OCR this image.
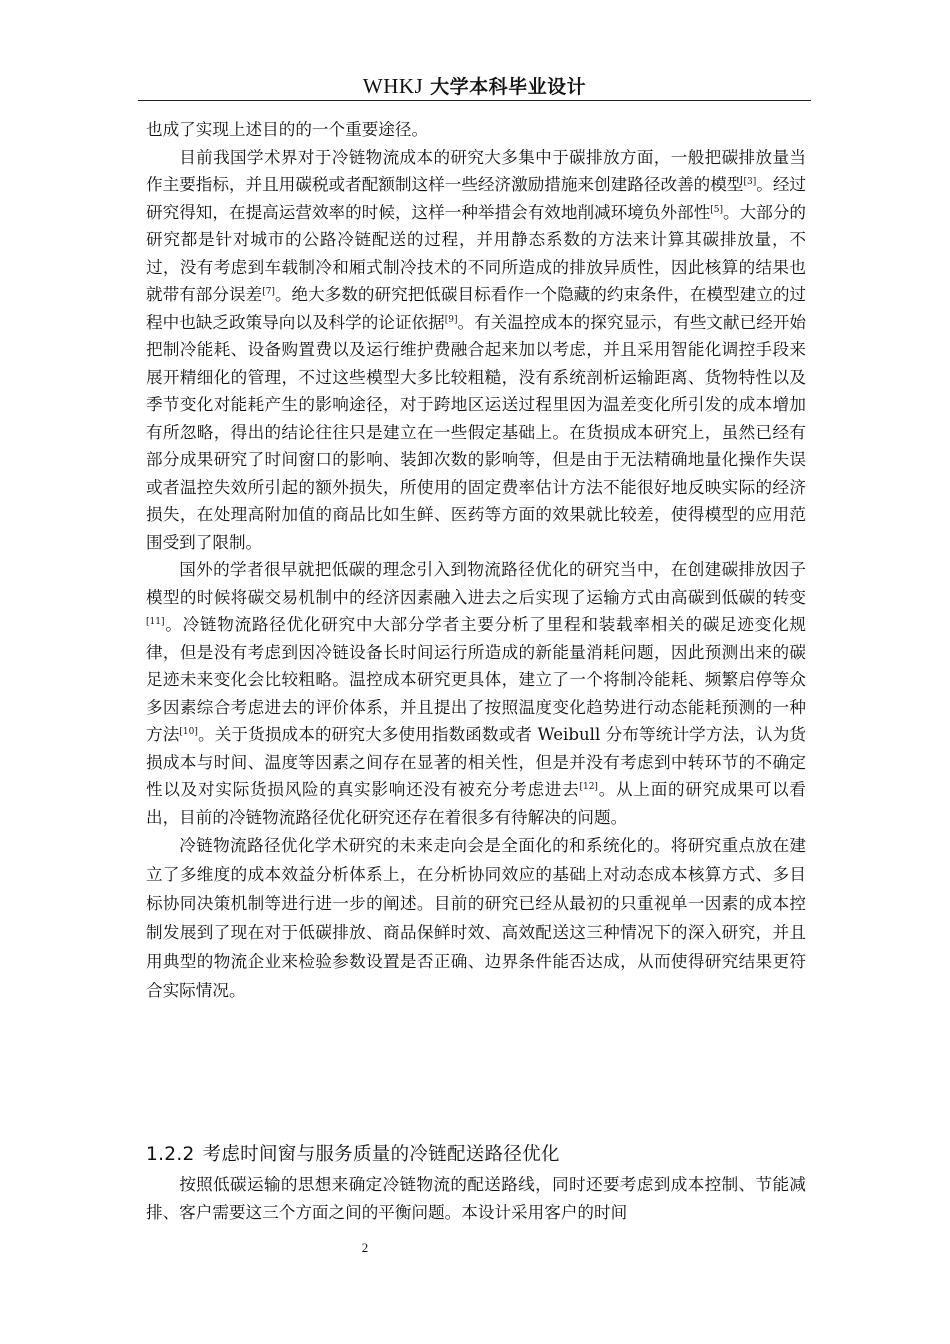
WHKJ 大学本科毕业设计

也成了实现上述目的的一个重要途径。

目前我国学术界对于冷链物流成本的研究大多集中于碳排放方面，一般把碳排放量当作主要指标，并且用碳税或者配额制这样一些经济激励措施来创建路径改善的模型[3]。经过研究得知，在提高运营效率的时候，这样一种举措会有效地削减环境负外部性[5]。大部分的研究都是针对城市的公路冷链配送的过程，并用静态系数的方法来计算其碳排放量，不过，没有考虑到车载制冷和厢式制冷技术的不同所造成的排放异质性，因此核算的结果也就带有部分误差[7]。绝大多数的研究把低碳目标看作一个隐藏的约束条件，在模型建立的过程中也缺乏政策导向以及科学的论证依据[9]。有关温控成本的探究显示，有些文献已经开始把制冷能耗、设备购置费以及运行维护费融合起来加以考虑，并且采用智能化调控手段来展开精细化的管理，不过这些模型大多比较粗糙，没有系统剖析运输距离、货物特性以及季节变化对能耗产生的影响途径，对于跨地区运送过程里因为温差变化所引发的成本增加有所忽略，得出的结论往往只是建立在一些假定基础上。在货损成本研究上，虽然已经有部分成果研究了时间窗口的影响、装卸次数的影响等，但是由于无法精确地量化操作失误或者温控失效所引起的额外损失，所使用的固定费率估计方法不能很好地反映实际的经济损失，在处理高附加值的商品比如生鲜、医药等方面的效果就比较差，使得模型的应用范围受到了限制。

国外的学者很早就把低碳的理念引入到物流路径优化的研究当中，在创建碳排放因子模型的时候将碳交易机制中的经济因素融入进去之后实现了运输方式由高碳到低碳的转变[11]。冷链物流路径优化研究中大部分学者主要分析了里程和装载率相关的碳足迹变化规律，但是没有考虑到因冷链设备长时间运行所造成的新能量消耗问题，因此预测出来的碳足迹未来变化会比较粗略。温控成本研究更具体，建立了一个将制冷能耗、频繁启停等众多因素综合考虑进去的评价体系，并且提出了按照温度变化趋势进行动态能耗预测的一种方法[10]。关于货损成本的研究大多使用指数函数或者 Weibull 分布等统计学方法，认为货损成本与时间、温度等因素之间存在显著的相关性，但是并没有考虑到中转环节的不确定性以及对实际货损风险的真实影响还没有被充分考虑进去[12]。从上面的研究成果可以看出，目前的冷链物流路径优化研究还存在着很多有待解决的问题。

冷链物流路径优化学术研究的未来走向会是全面化的和系统化的。将研究重点放在建立了多维度的成本效益分析体系上，在分析协同效应的基础上对动态成本核算方式、多目标协同决策机制等进行进一步的阐述。目前的研究已经从最初的只重视单一因素的成本控制发展到了现在对于低碳排放、商品保鲜时效、高效配送这三种情况下的深入研究，并且用典型的物流企业来检验参数设置是否正确、边界条件能否达成，从而使得研究结果更符合实际情况。

1.2.2 考虑时间窗与服务质量的冷链配送路径优化

按照低碳运输的思想来确定冷链物流的配送路线，同时还要考虑到成本控制、节能减排、客户需要这三个方面之间的平衡问题。本设计采用客户的时间

2
